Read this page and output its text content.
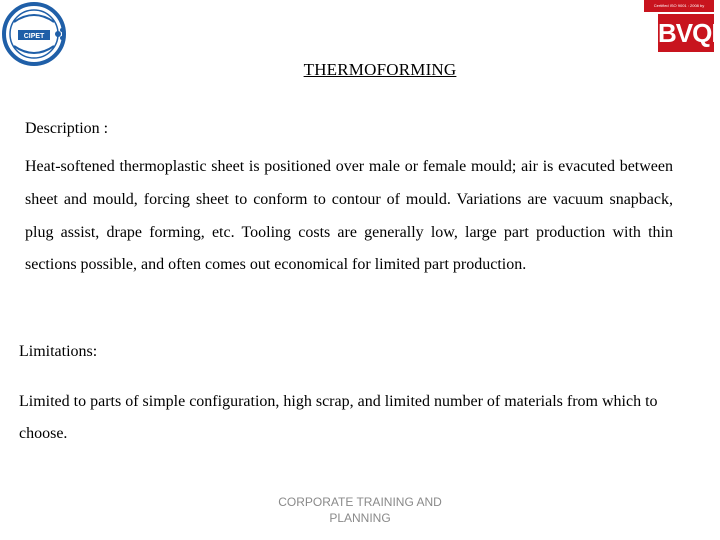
CIPET
Certified ISO 9001 : 2008 by
BVQI
THERMOFORMING
Description :
Heat-softened thermoplastic sheet is positioned over male or female mould; air is evacuted between sheet and mould, forcing sheet to conform to contour of mould. Variations are vacuum snapback, plug assist, drape forming, etc. Tooling costs are generally low, large part production with thin sections possible, and often comes out economical for limited part production.
Limitations:
Limited to parts of simple configuration, high scrap, and limited number of materials from which to choose.
CORPORATE TRAINING AND
PLANNING
